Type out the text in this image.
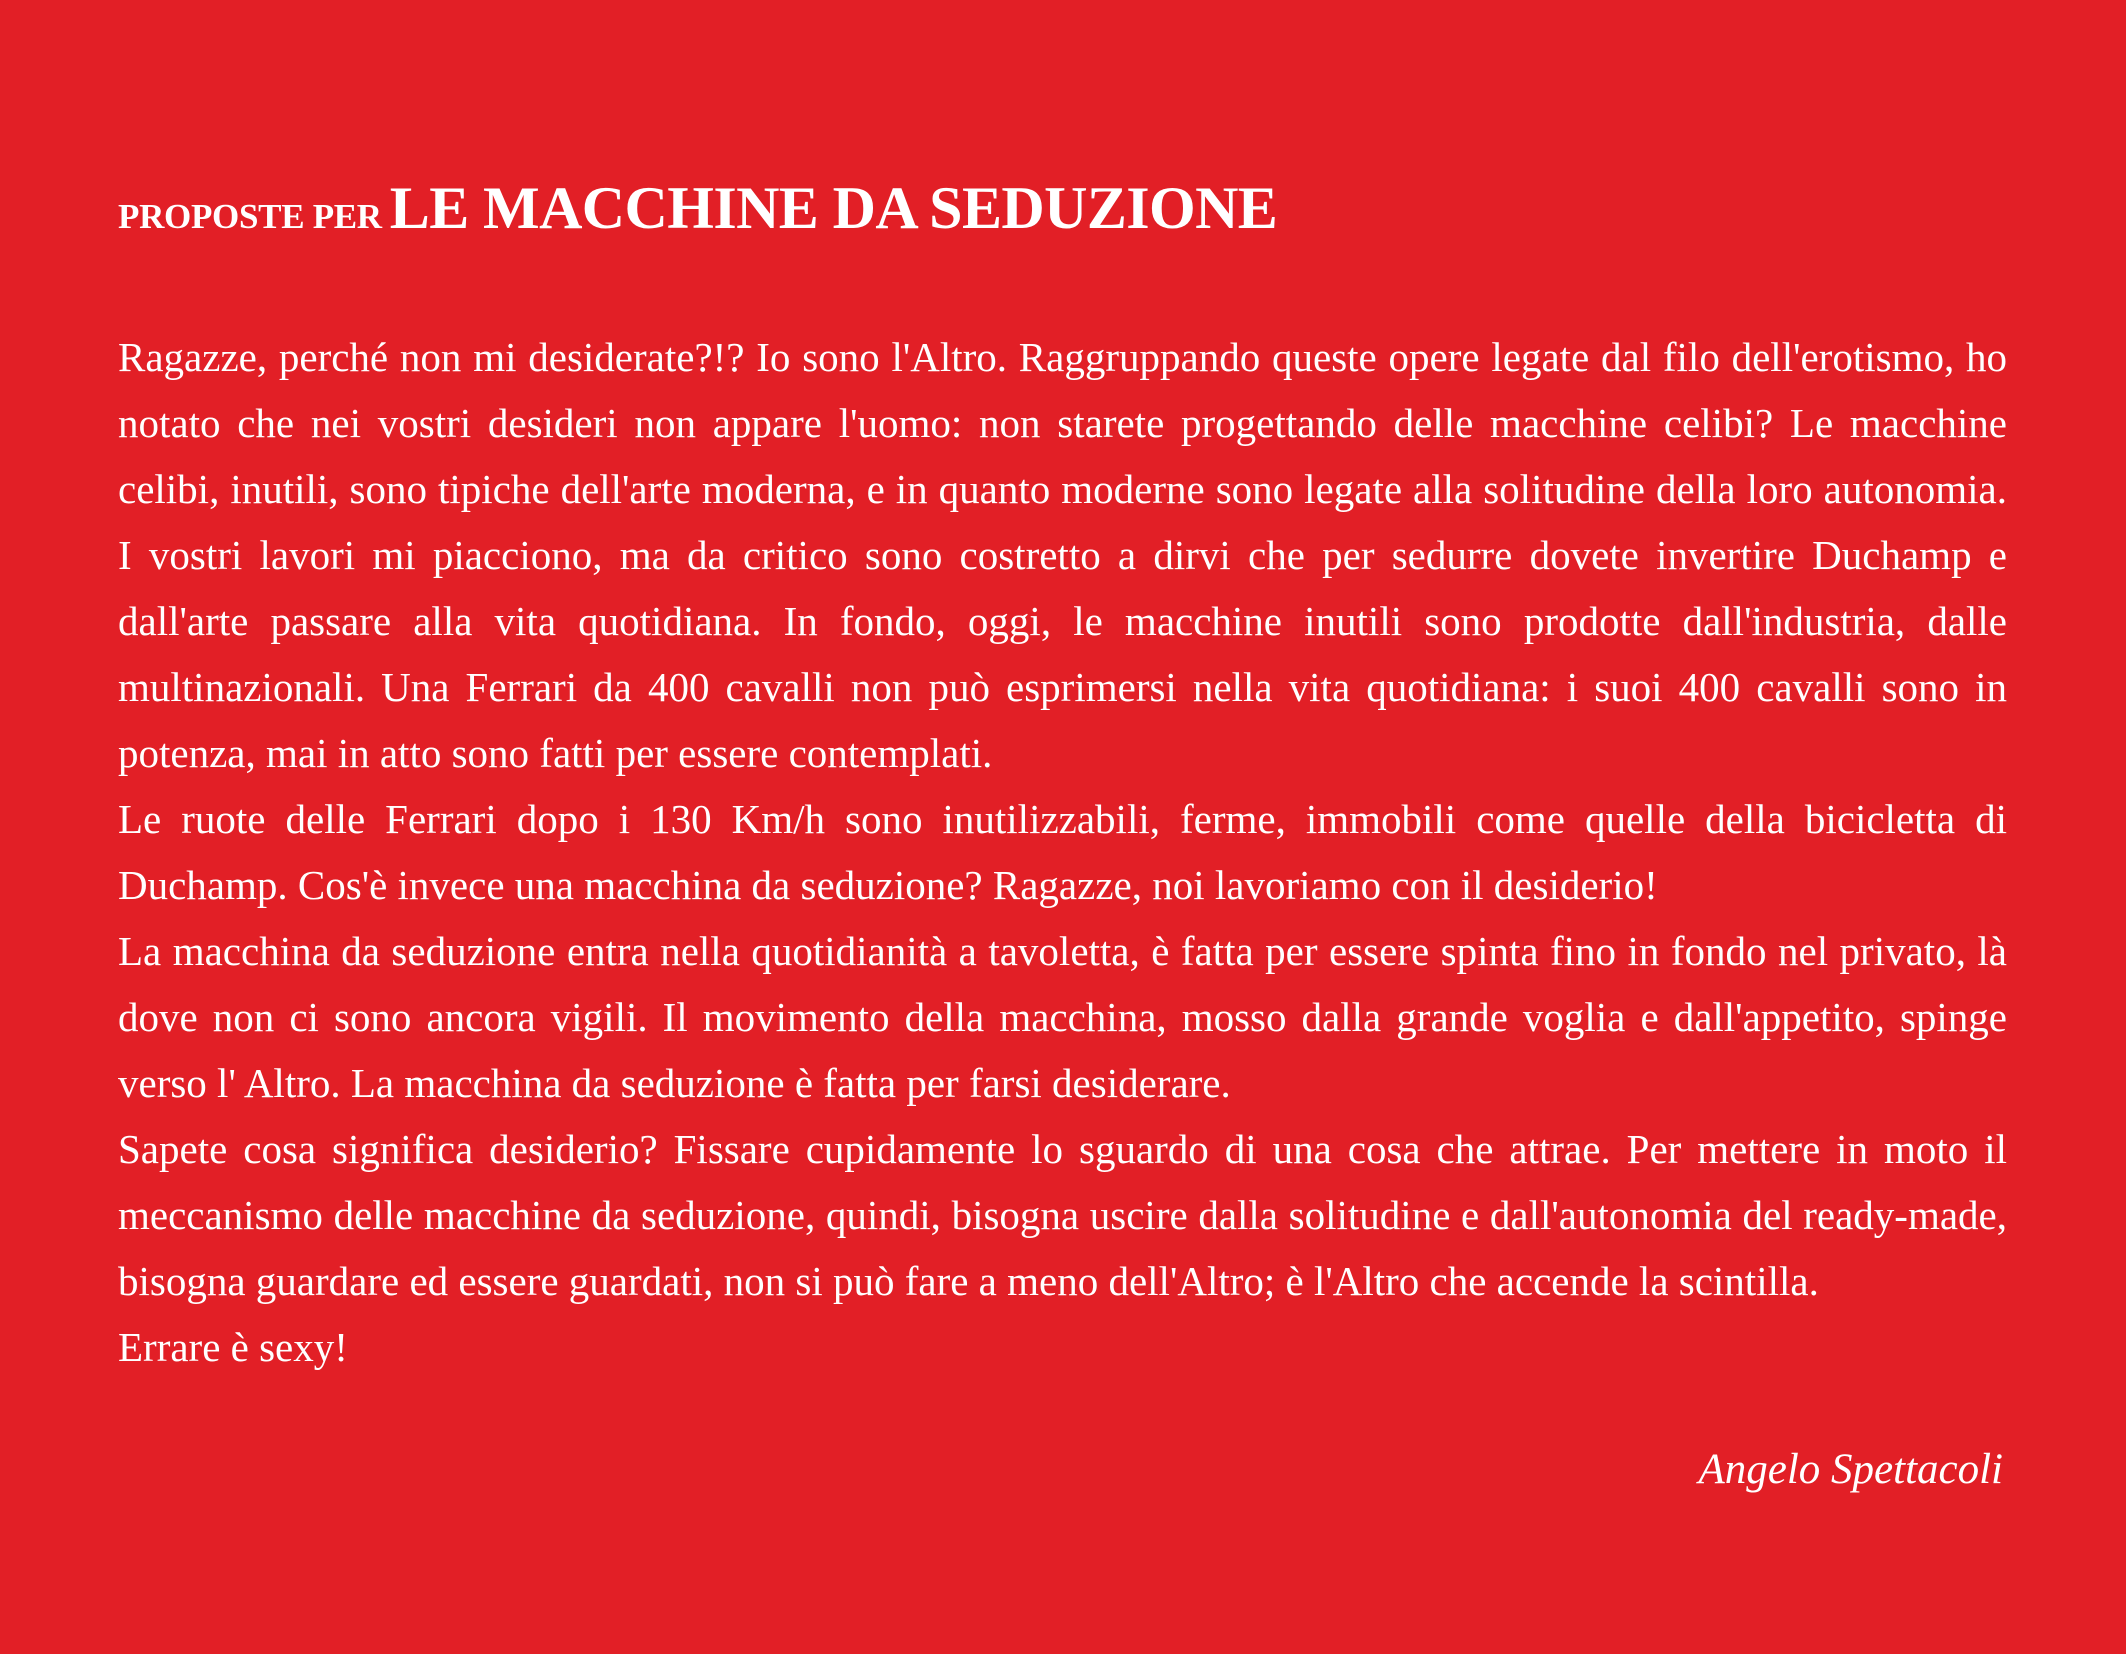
PROPOSTE PER LE MACCHINE DA SEDUZIONE
Ragazze, perché non mi desiderate?!? Io sono l'Altro. Raggruppando queste opere legate dal filo dell'erotismo, ho notato che nei vostri desideri non appare l'uomo: non starete progettando delle macchine celibi? Le macchine celibi, inutili, sono tipiche dell'arte moderna, e in quanto moderne sono legate alla solitudine della loro autonomia. I vostri lavori mi piacciono, ma da critico sono costretto a dirvi che per sedurre dovete invertire Duchamp e dall'arte passare alla vita quotidiana. In fondo, oggi, le macchine inutili sono prodotte dall'industria, dalle multinazionali. Una Ferrari da 400 cavalli non può esprimersi nella vita quotidiana: i suoi 400 cavalli sono in potenza, mai in atto sono fatti per essere contemplati.
Le ruote delle Ferrari dopo i 130 Km/h sono inutilizzabili, ferme, immobili come quelle della bicicletta di Duchamp. Cos'è invece una macchina da seduzione? Ragazze, noi lavoriamo con il desiderio!
La macchina da seduzione entra nella quotidianità a tavoletta, è fatta per essere spinta fino in fondo nel privato, là dove non ci sono ancora vigili. Il movimento della macchina, mosso dalla grande voglia e dall'appetito, spinge verso l' Altro. La macchina da seduzione è fatta per farsi desiderare.
Sapete cosa significa desiderio? Fissare cupidamente lo sguardo di una cosa che attrae. Per mettere in moto il meccanismo delle macchine da seduzione, quindi, bisogna uscire dalla solitudine e dall'autonomia del ready-made, bisogna guardare ed essere guardati, non si può fare a meno dell'Altro; è l'Altro che accende la scintilla.
Errare è sexy!

Angelo Spettacoli
